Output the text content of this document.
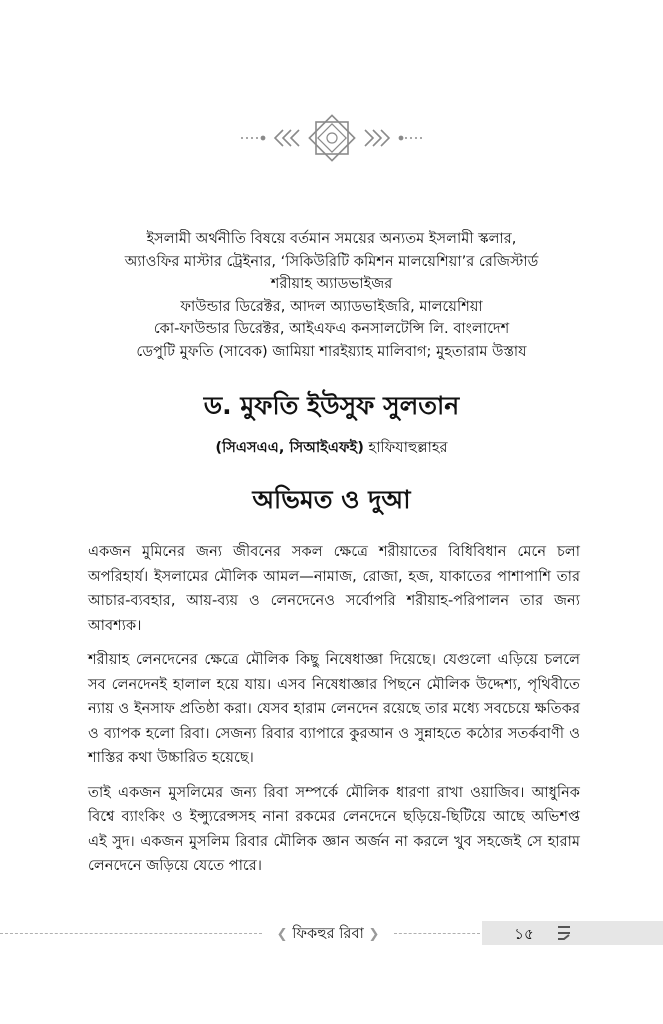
ইসলামী অর্থনীতি বিষয়ে বর্তমান সময়ের অন্যতম ইসলামী স্কলার,
অ্যাওফির মাস্টার ট্রেইনার, ‘সিকিউরিটি কমিশন মালয়েশিয়া’র রেজিস্টার্ড
শরীয়াহ অ্যাডভাইজর
ফাউন্ডার ডিরেক্টর, আদল অ্যাডভাইজরি, মালয়েশিয়া
কো-ফাউন্ডার ডিরেক্টর, আইএফএ কনসালটেন্সি লি. বাংলাদেশ
ডেপুটি মুফতি (সাবেক) জামিয়া শারইয়্যাহ মালিবাগ; মুহতারাম উস্তায
ড. মুফতি ইউসুফ সুলতান
(সিএসএএ, সিআইএফই) হাফিযাহুল্লাহর
অভিমত ও দুআ

একজন মুমিনের জন্য জীবনের সকল ক্ষেত্রে শরীয়াতের বিধিবিধান মেনে চলা অপরিহার্য। ইসলামের মৌলিক আমল—নামাজ, রোজা, হজ, যাকাতের পাশাপাশি তার আচার-ব্যবহার, আয়-ব্যয় ও লেনদেনেও সর্বোপরি শরীয়াহ-পরিপালন তার জন্য আবশ্যক।

শরীয়াহ লেনদেনের ক্ষেত্রে মৌলিক কিছু নিষেধাজ্ঞা দিয়েছে। যেগুলো এড়িয়ে চললে সব লেনদেনই হালাল হয়ে যায়। এসব নিষেধাজ্ঞার পিছনে মৌলিক উদ্দেশ্য, পৃথিবীতে ন্যায় ও ইনসাফ প্রতিষ্ঠা করা। যেসব হারাম লেনদেন রয়েছে তার মধ্যে সবচেয়ে ক্ষতিকর ও ব্যাপক হলো রিবা। সেজন্য রিবার ব্যাপারে কুরআন ও সুন্নাহতে কঠোর সতর্কবাণী ও শাস্তির কথা উচ্চারিত হয়েছে।

তাই একজন মুসলিমের জন্য রিবা সম্পর্কে মৌলিক ধারণা রাখা ওয়াজিব। আধুনিক বিশ্বে ব্যাংকিং ও ইন্স্যুরেন্সসহ নানা রকমের লেনদেনে ছড়িয়ে-ছিটিয়ে আছে অভিশপ্ত এই সুদ। একজন মুসলিম রিবার মৌলিক জ্ঞান অর্জন না করলে খুব সহজেই সে হারাম লেনদেনে জড়িয়ে যেতে পারে।

❮ ফিকহুর রিবা ❯	১৫
